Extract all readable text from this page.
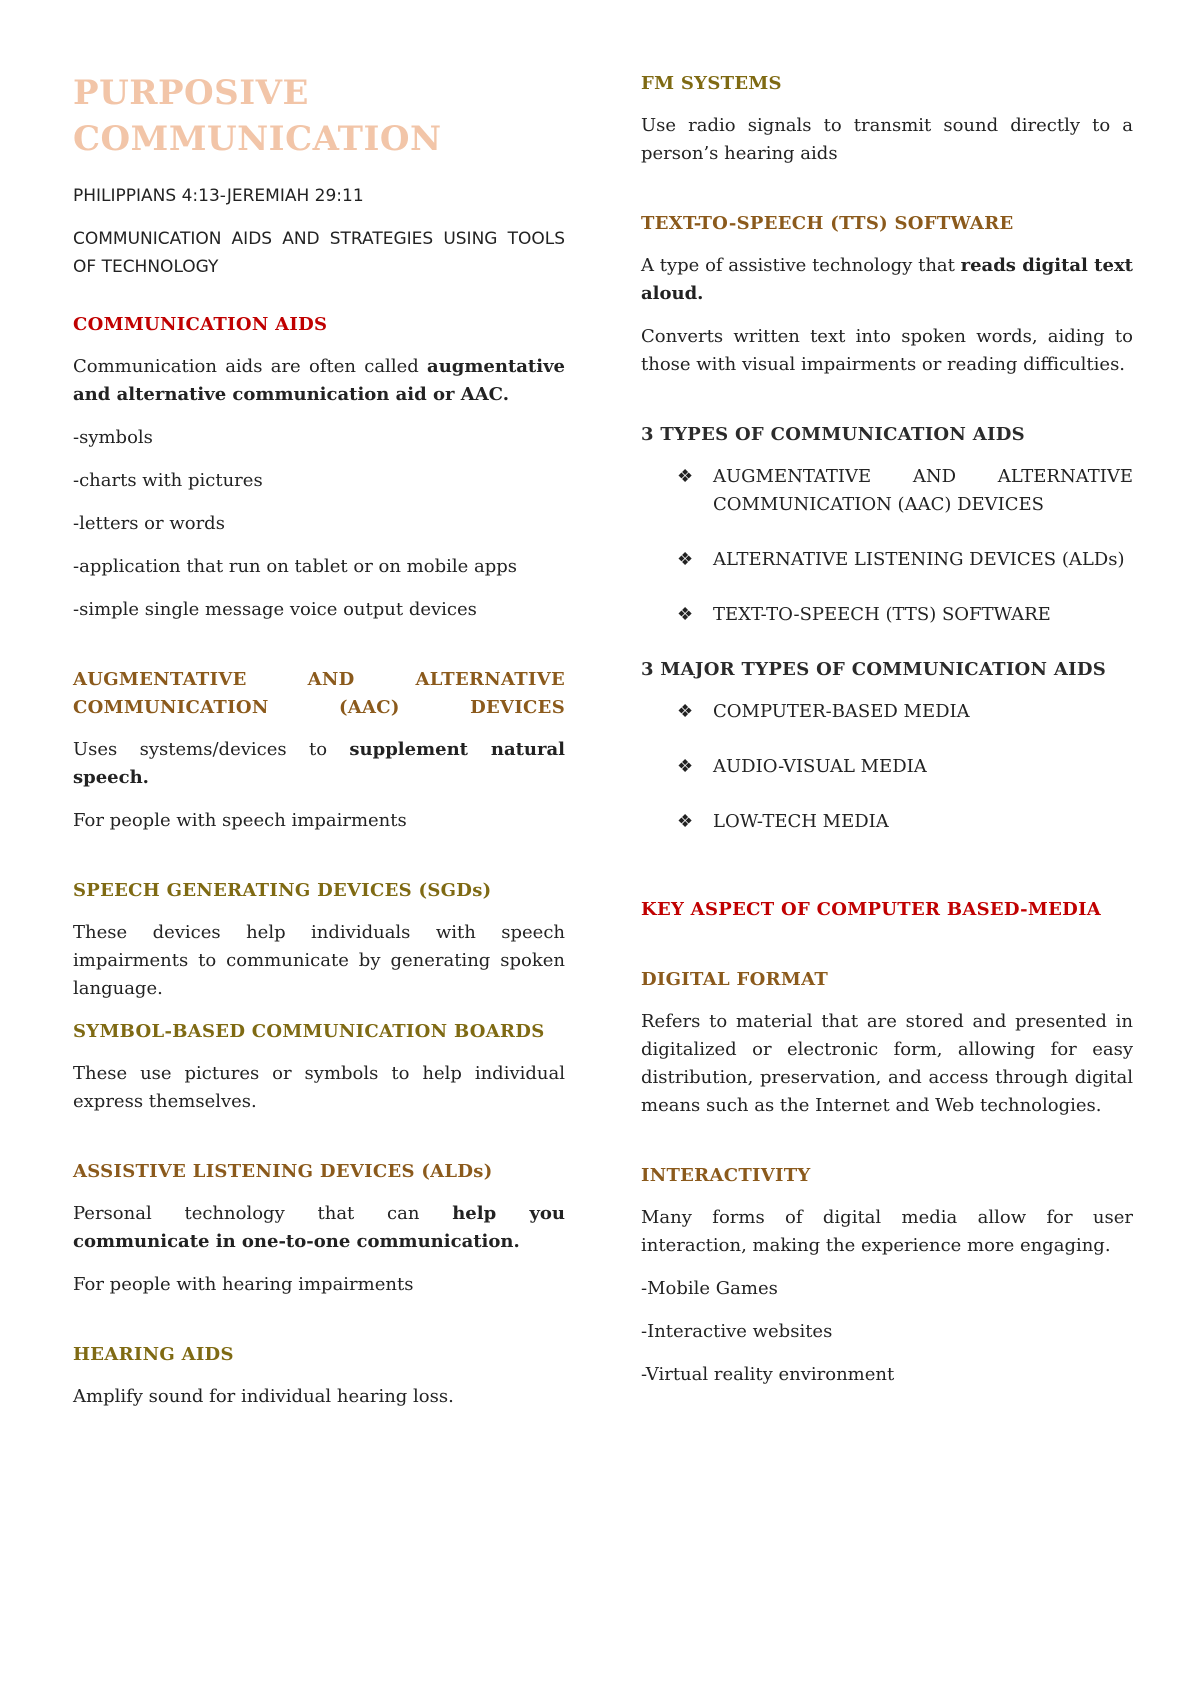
PURPOSIVE
COMMUNICATION

PHILIPPIANS 4:13-JEREMIAH 29:11

COMMUNICATION AIDS AND STRATEGIES USING TOOLS OF TECHNOLOGY

COMMUNICATION AIDS

Communication aids are often called augmentative and alternative communication aid or AAC.

-symbols

-charts with pictures

-letters or words

-application that run on tablet or on mobile apps

-simple single message voice output devices

AUGMENTATIVE AND ALTERNATIVE COMMUNICATION (AAC) DEVICES

Uses systems/devices to supplement natural speech.

For people with speech impairments

SPEECH GENERATING DEVICES (SGDs)

These devices help individuals with speech impairments to communicate by generating spoken language.

SYMBOL-BASED COMMUNICATION BOARDS

These use pictures or symbols to help individual express themselves.

ASSISTIVE LISTENING DEVICES (ALDs)

Personal technology that can help you communicate in one-to-one communication.

For people with hearing impairments

HEARING AIDS

Amplify sound for individual hearing loss.

FM SYSTEMS

Use radio signals to transmit sound directly to a person’s hearing aids

TEXT-TO-SPEECH (TTS) SOFTWARE

A type of assistive technology that reads digital text aloud.

Converts written text into spoken words, aiding to those with visual impairments or reading difficulties.

3 TYPES OF COMMUNICATION AIDS
❖ AUGMENTATIVE AND ALTERNATIVE COMMUNICATION (AAC) DEVICES
❖ ALTERNATIVE LISTENING DEVICES (ALDs)
❖ TEXT-TO-SPEECH (TTS) SOFTWARE
3 MAJOR TYPES OF COMMUNICATION AIDS
❖ COMPUTER-BASED MEDIA
❖ AUDIO-VISUAL MEDIA
❖ LOW-TECH MEDIA
KEY ASPECT OF COMPUTER BASED-MEDIA
DIGITAL FORMAT

Refers to material that are stored and presented in digitalized or electronic form, allowing for easy distribution, preservation, and access through digital means such as the Internet and Web technologies.

INTERACTIVITY

Many forms of digital media allow for user interaction, making the experience more engaging.

-Mobile Games

-Interactive websites

-Virtual reality environment
